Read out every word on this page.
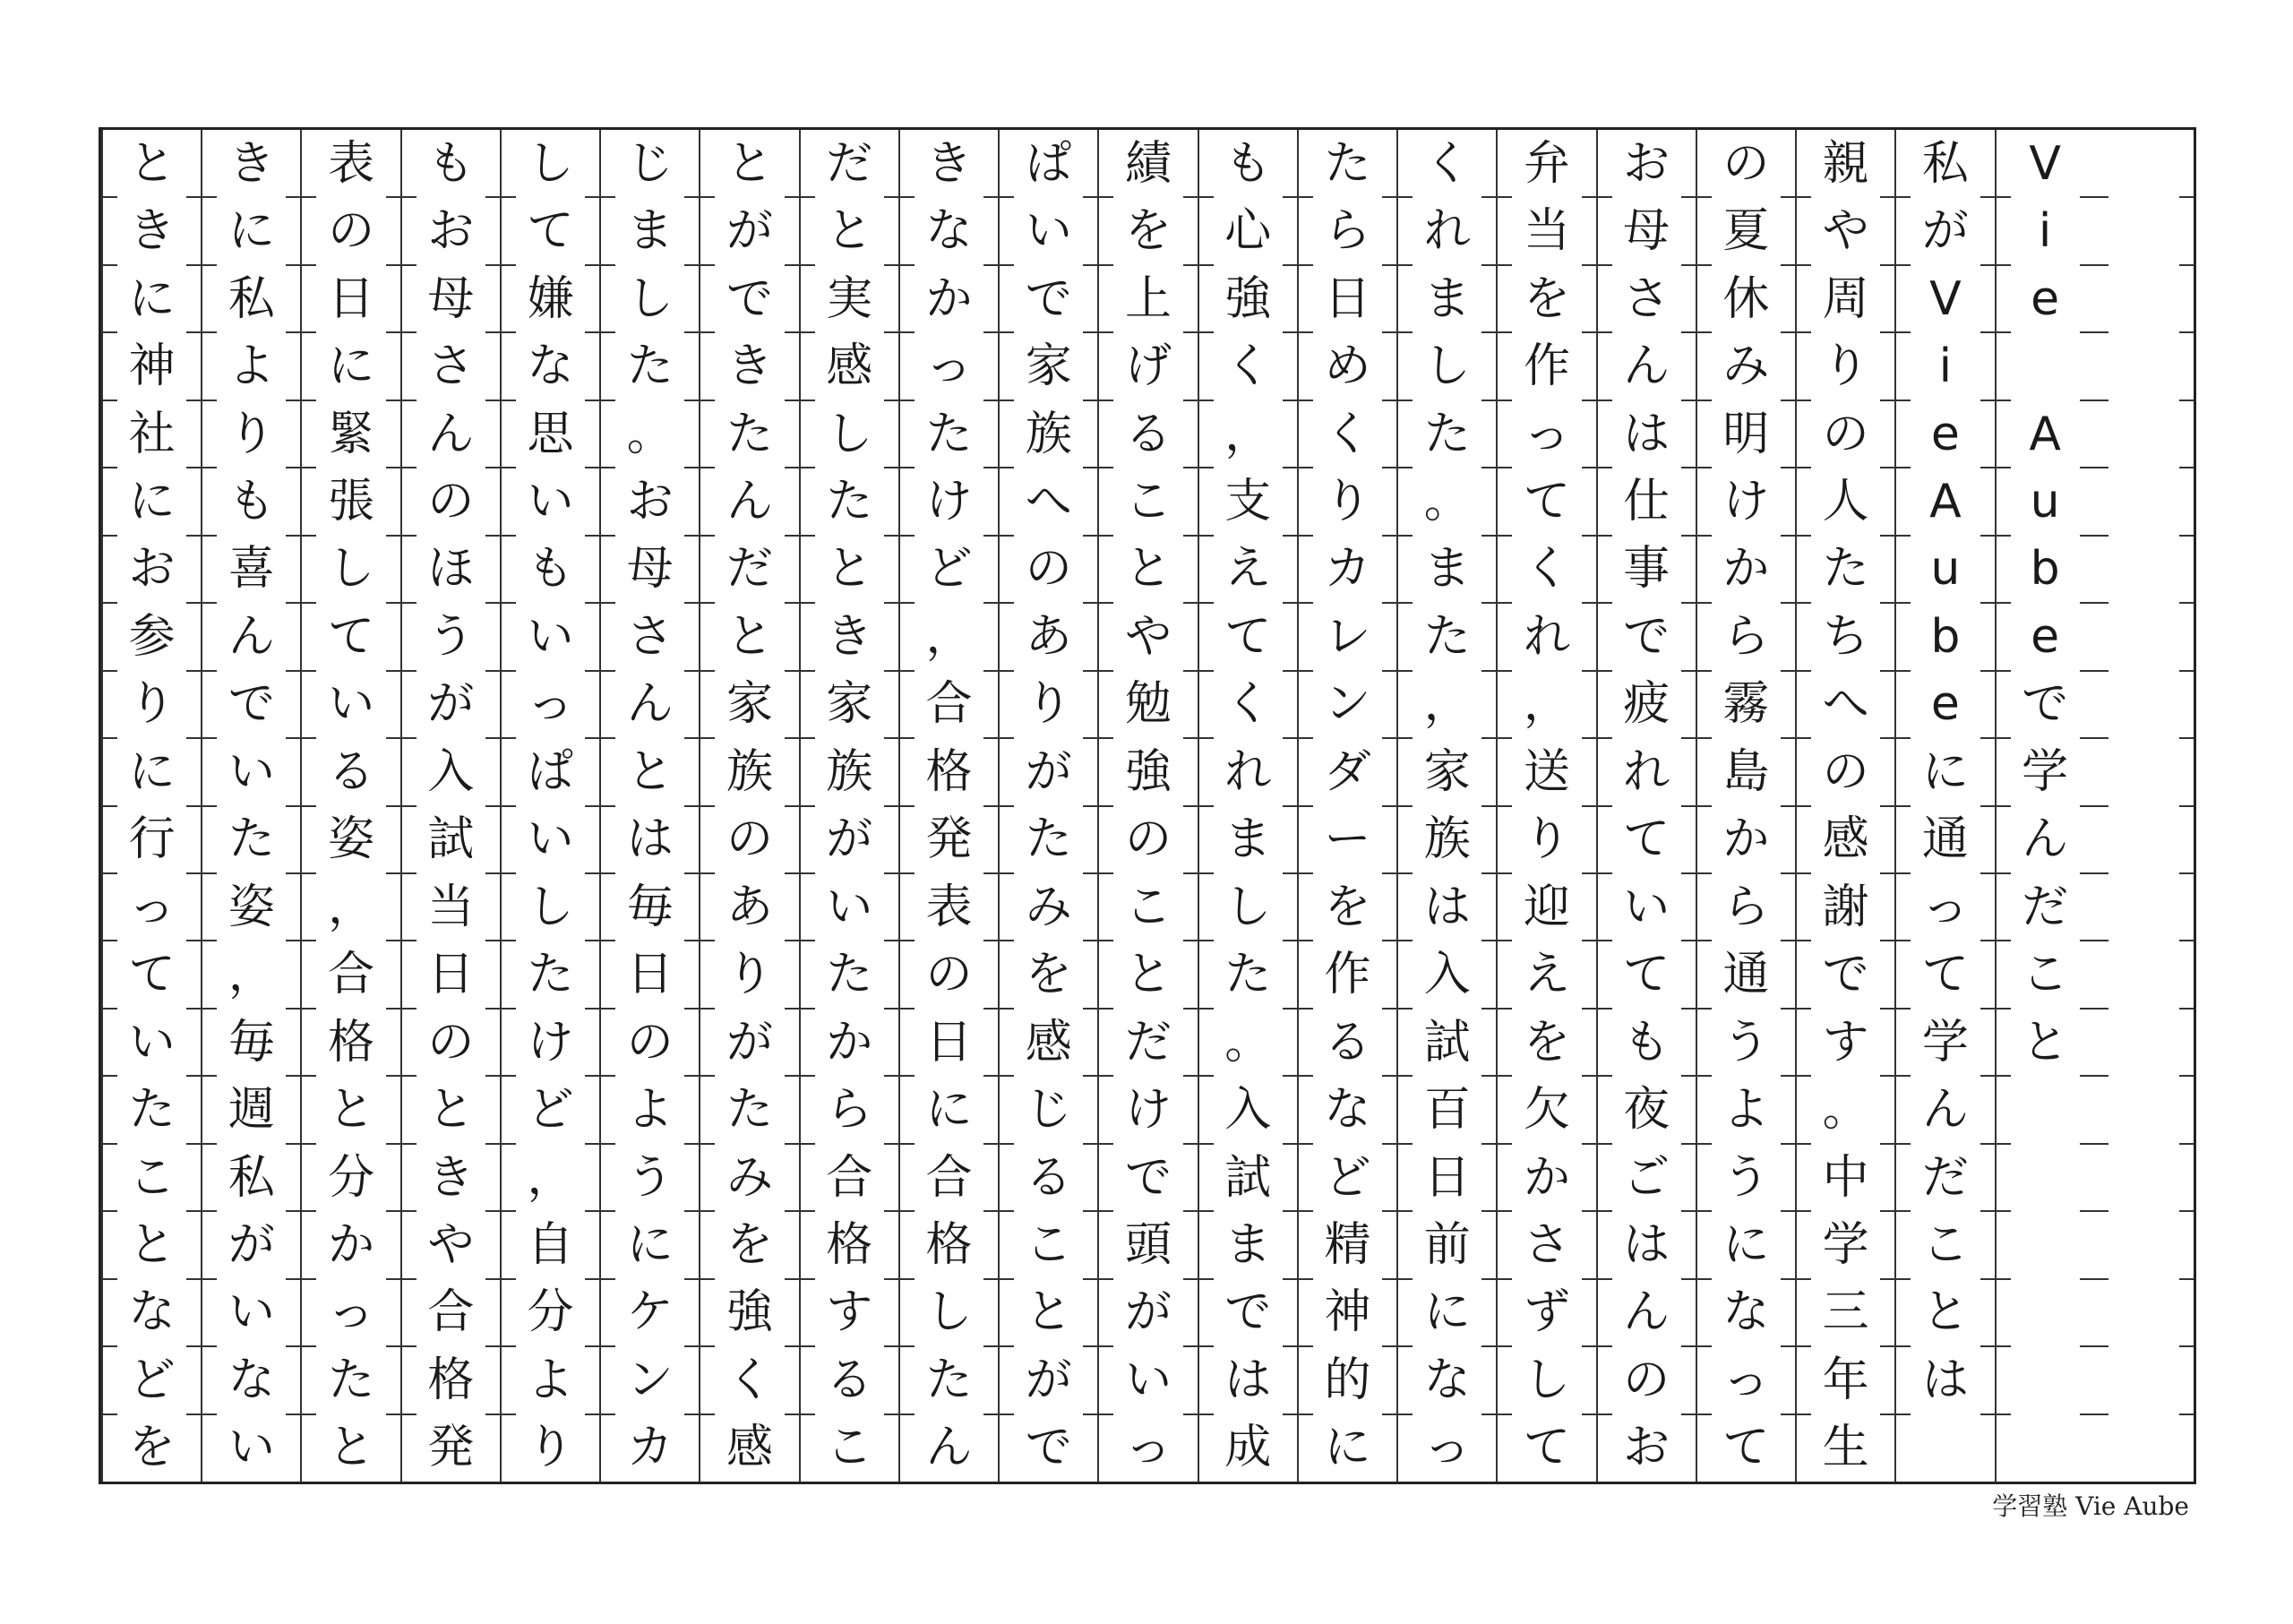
V
i
e
A
u
b
e
で
学
ん
だ
こ
と
私
が
V
i
e
A
u
b
e
に
通
っ
て
学
ん
だ
こ
と
は
親
や
周
り
の
人
た
ち
へ
の
感
謝
で
す
。
中
学
三
年
生
の
夏
休
み
明
け
か
ら
霧
島
か
ら
通
う
よ
う
に
な
っ
て
お
母
さ
ん
は
仕
事
で
疲
れ
て
い
て
も
夜
ご
は
ん
の
お
弁
当
を
作
っ
て
く
れ
，
送
り
迎
え
を
欠
か
さ
ず
し
て
く
れ
ま
し
た
。
ま
た
，
家
族
は
入
試
百
日
前
に
な
っ
た
ら
日
め
く
り
カ
レ
ン
ダ
ー
を
作
る
な
ど
精
神
的
に
も
心
強
く
，
支
え
て
く
れ
ま
し
た
。
入
試
ま
で
は
成
績
を
上
げ
る
こ
と
や
勉
強
の
こ
と
だ
け
で
頭
が
い
っ
ぱ
い
で
家
族
へ
の
あ
り
が
た
み
を
感
じ
る
こ
と
が
で
き
な
か
っ
た
け
ど
，
合
格
発
表
の
日
に
合
格
し
た
ん
だ
と
実
感
し
た
と
き
家
族
が
い
た
か
ら
合
格
す
る
こ
と
が
で
き
た
ん
だ
と
家
族
の
あ
り
が
た
み
を
強
く
感
じ
ま
し
た
。
お
母
さ
ん
と
は
毎
日
の
よ
う
に
ケ
ン
カ
し
て
嫌
な
思
い
も
い
っ
ぱ
い
し
た
け
ど
，
自
分
よ
り
も
お
母
さ
ん
の
ほ
う
が
入
試
当
日
の
と
き
や
合
格
発
表
の
日
に
緊
張
し
て
い
る
姿
，
合
格
と
分
か
っ
た
と
き
に
私
よ
り
も
喜
ん
で
い
た
姿
，
毎
週
私
が
い
な
い
と
き
に
神
社
に
お
参
り
に
行
っ
て
い
た
こ
と
な
ど
を
学習塾 Vie Aube
